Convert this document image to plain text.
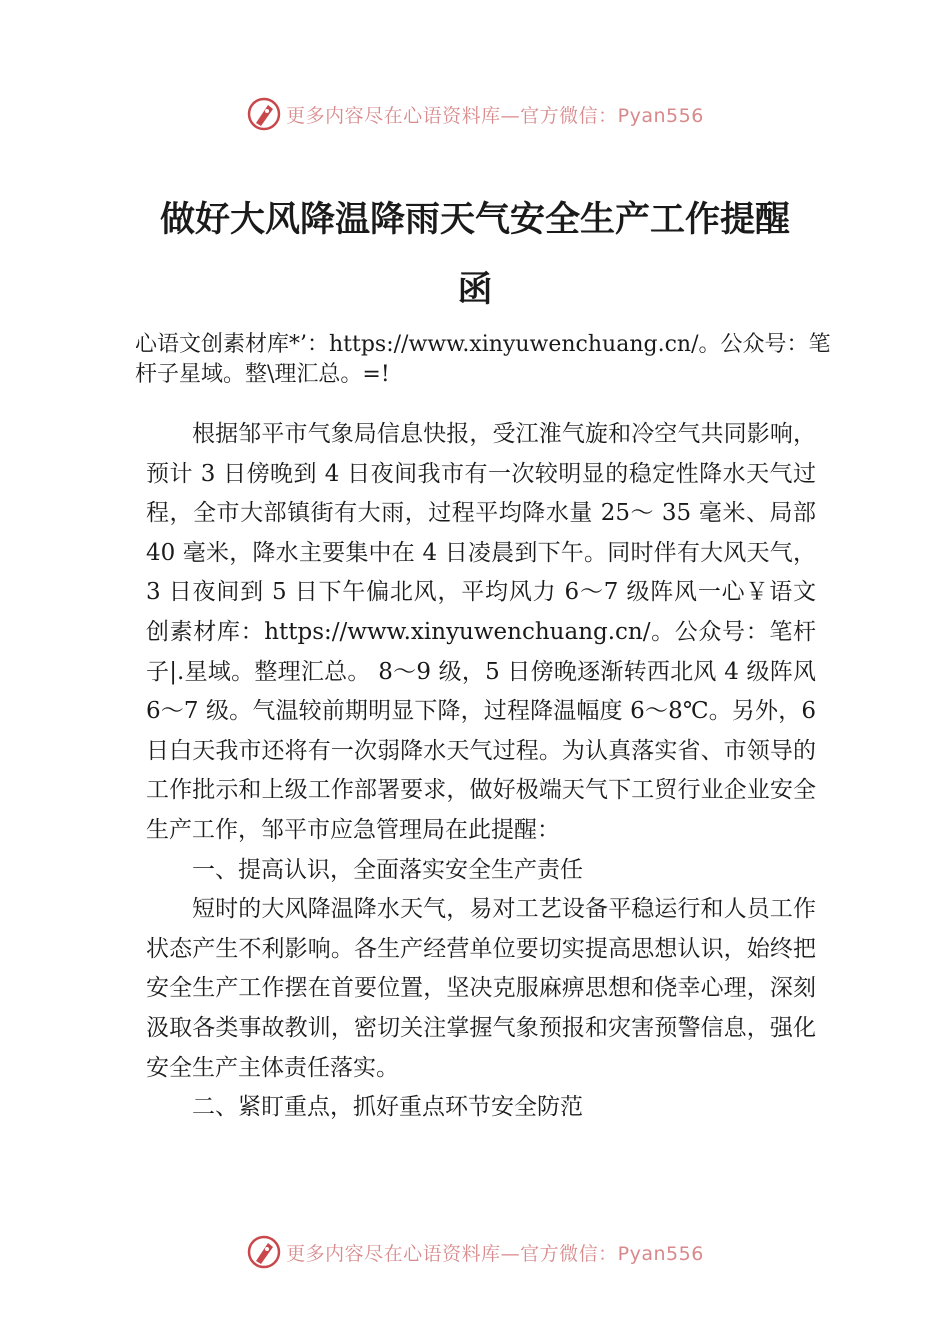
更多内容尽在心语资料库—官方微信：Pyan556
做好大风降温降雨天气安全生产工作提醒
函
心语文创素材库*’：https://www.xinyuwenchuang.cn/。公众号：笔杆子星域。整\理汇总。=!

根据邹平市气象局信息快报，受江淮气旋和冷空气共同影响，预计 3 日傍晚到 4 日夜间我市有一次较明显的稳定性降水天气过程，全市大部镇街有大雨，过程平均降水量 25～ 35 毫米、局部 40 毫米，降水主要集中在 4 日凌晨到下午。同时伴有大风天气，3 日夜间到 5 日下午偏北风，平均风力 6～7 级阵风一心￥语文创素材库：https://www.xinyuwenchuang.cn/。公众号：笔杆子|.星域。整理汇总。 8～9 级，5 日傍晚逐渐转西北风 4 级阵风 6～7 级。气温较前期明显下降，过程降温幅度 6～8℃。另外，6 日白天我市还将有一次弱降水天气过程。为认真落实省、市领导的工作批示和上级工作部署要求，做好极端天气下工贸行业企业安全生产工作，邹平市应急管理局在此提醒：

一、提高认识，全面落实安全生产责任

短时的大风降温降水天气，易对工艺设备平稳运行和人员工作状态产生不利影响。各生产经营单位要切实提高思想认识，始终把安全生产工作摆在首要位置，坚决克服麻痹思想和侥幸心理，深刻汲取各类事故教训，密切关注掌握气象预报和灾害预警信息，强化安全生产主体责任落实。

二、紧盯重点，抓好重点环节安全防范

更多内容尽在心语资料库—官方微信：Pyan556
